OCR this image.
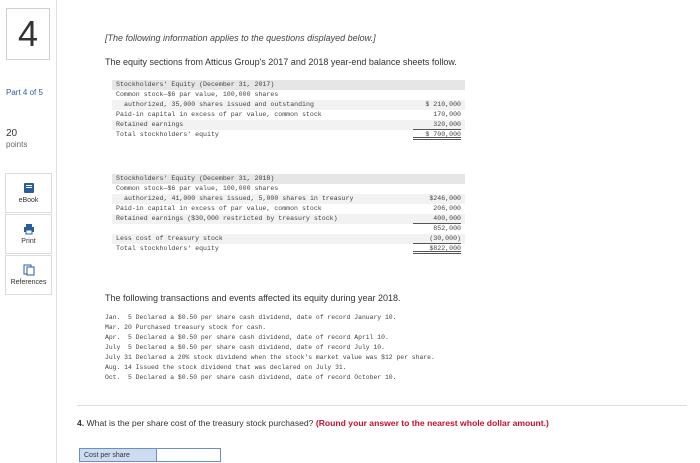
4
Part 4 of 5
20
points
eBook
Print
References
[The following information applies to the questions displayed below.]
The equity sections from Atticus Group's 2017 and 2018 year-end balance sheets follow.
Stockholders' Equity (December 31, 2017)
Common stock—$6 par value, 100,000 shares
authorized, 35,000 shares issued and outstanding	$ 210,000
Paid-in capital in excess of par value, common stock	170,000
Retained earnings	320,000
Total stockholders' equity	$ 700,000
Stockholders' Equity (December 31, 2018)
Common stock—$6 par value, 100,000 shares
authorized, 41,000 shares issued, 5,000 shares in treasury	$246,000
Paid-in capital in excess of par value, common stock	206,000
Retained earnings ($30,000 restricted by treasury stock)	400,000
852,000
Less cost of treasury stock	(30,000)
Total stockholders' equity	$822,000
The following transactions and events affected its equity during year 2018.
Jan.  5 Declared a $0.50 per share cash dividend, date of record January 10.
Mar. 20 Purchased treasury stock for cash.
Apr.  5 Declared a $0.50 per share cash dividend, date of record April 10.
July  5 Declared a $0.50 per share cash dividend, date of record July 10.
July 31 Declared a 20% stock dividend when the stock's market value was $12 per share.
Aug. 14 Issued the stock dividend that was declared on July 31.
Oct.  5 Declared a $0.50 per share cash dividend, date of record October 10.
4. What is the per share cost of the treasury stock purchased? (Round your answer to the nearest whole dollar amount.)
Cost per share
